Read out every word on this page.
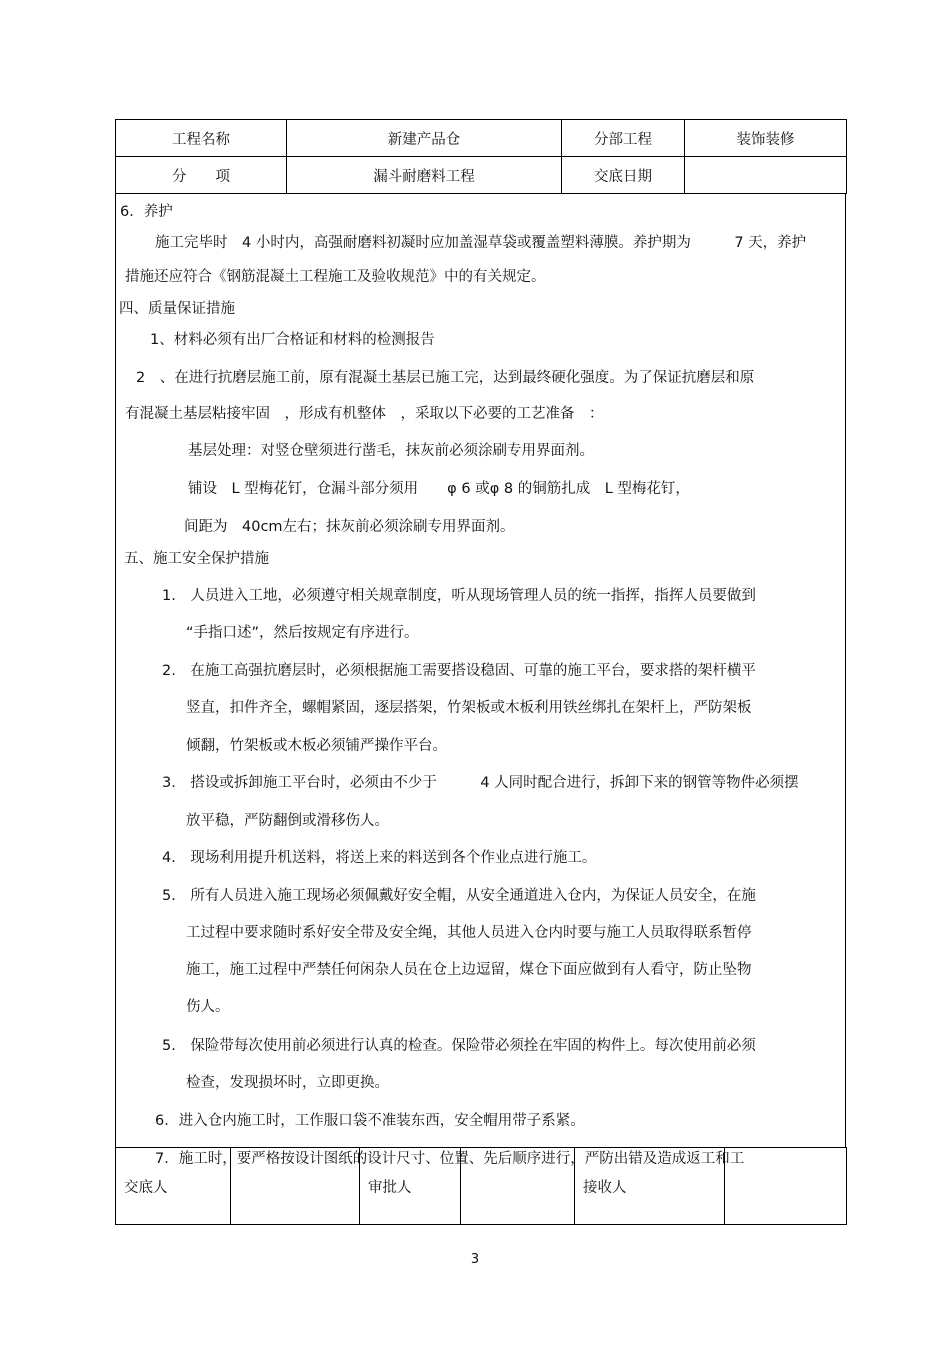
工程名称	新建产品仓	分部工程	装饰装修
分　　项	漏斗耐磨料工程	交底日期	
6．养护
施工完毕时　4 小时内，高强耐磨料初凝时应加盖湿草袋或覆盖塑料薄膜。养护期为　　　7 天，养护
措施还应符合《钢筋混凝土工程施工及验收规范》中的有关规定。
四、质量保证措施
1、材料必须有出厂合格证和材料的检测报告
2　、在进行抗磨层施工前，原有混凝土基层已施工完，达到最终硬化强度。为了保证抗磨层和原
有混凝土基层粘接牢固　，形成有机整体　，采取以下必要的工艺准备　：
基层处理：对竖仓壁须进行凿毛，抹灰前必须涂刷专用界面剂。
铺设　L 型梅花钉，仓漏斗部分须用　　φ 6 或φ 8 的铜筋扎成　L 型梅花钉，
间距为　40cm左右；抹灰前必须涂刷专用界面剂。
五、施工安全保护措施
1.　人员进入工地，必须遵守相关规章制度，听从现场管理人员的统一指挥，指挥人员要做到
“手指口述”，然后按规定有序进行。
2.　在施工高强抗磨层时，必须根据施工需要搭设稳固、可靠的施工平台，要求搭的架杆横平
竖直，扣件齐全，螺帽紧固，逐层搭架，竹架板或木板利用铁丝绑扎在架杆上，严防架板
倾翻，竹架板或木板必须铺严操作平台。
3.　搭设或拆卸施工平台时，必须由不少于　　　4 人同时配合进行，拆卸下来的钢管等物件必须摆
放平稳，严防翻倒或滑移伤人。
4.　现场利用提升机送料，将送上来的料送到各个作业点进行施工。
5.　所有人员进入施工现场必须佩戴好安全帽，从安全通道进入仓内，为保证人员安全，在施
工过程中要求随时系好安全带及安全绳，其他人员进入仓内时要与施工人员取得联系暂停
施工，施工过程中严禁任何闲杂人员在仓上边逗留，煤仓下面应做到有人看守，防止坠物
伤人。
5.　保险带每次使用前必须进行认真的检查。保险带必须拴在牢固的构件上。每次使用前必须
检查，发现损坏时，立即更换。
6．进入仓内施工时，工作服口袋不准装东西，安全帽用带子系紧。
7．施工时，要严格按设计图纸的设计尺寸、位置、先后顺序进行，严防出错及造成返工和工
交底人		审批人		接收人	
3
